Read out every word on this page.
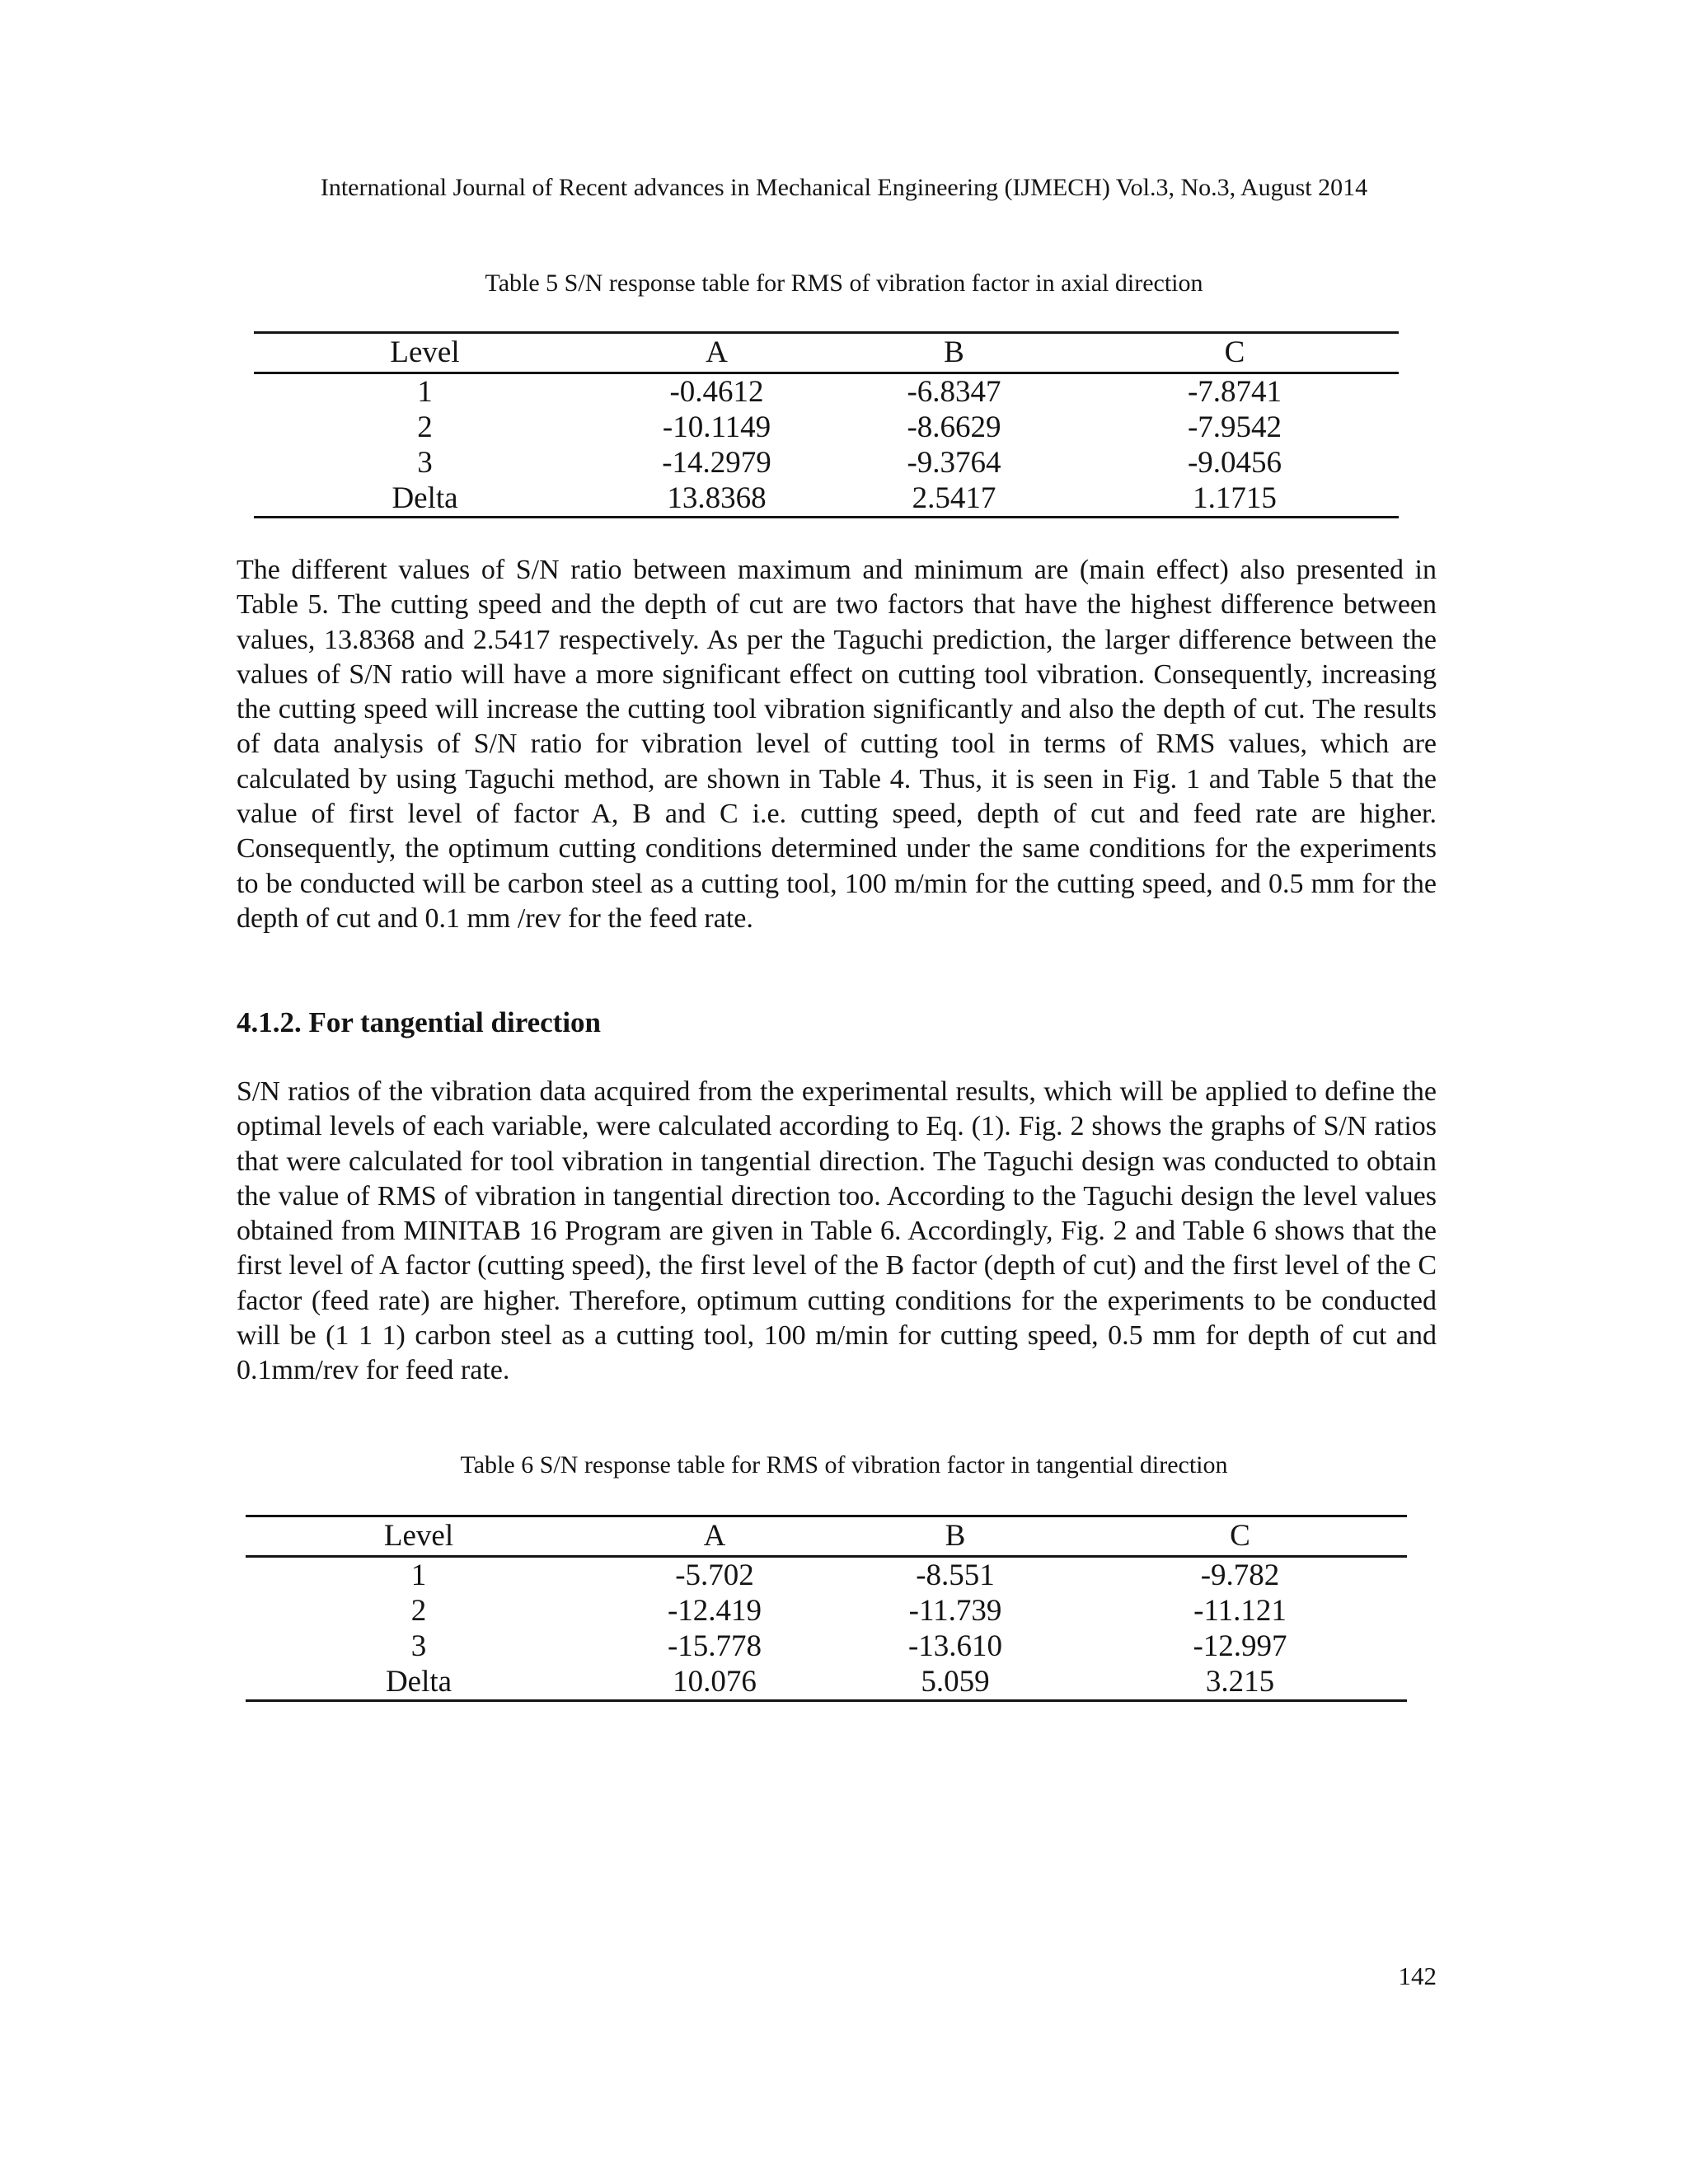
International Journal of Recent advances in Mechanical Engineering (IJMECH) Vol.3, No.3, August 2014
Table 5 S/N response table for RMS of vibration factor in axial direction
Level	A	B	C
1	-0.4612	-6.8347	-7.8741
2	-10.1149	-8.6629	-7.9542
3	-14.2979	-9.3764	-9.0456
Delta	13.8368	2.5417	1.1715

The different values of S/N ratio between maximum and minimum are (main effect) also presented in Table 5. The cutting speed and the depth of cut are two factors that have the highest difference between values, 13.8368 and 2.5417 respectively. As per the Taguchi prediction, the larger difference between the values of S/N ratio will have a more significant effect on cutting tool vibration. Consequently, increasing the cutting speed will increase the cutting tool vibration significantly and also the depth of cut. The results of data analysis of S/N ratio for vibration level of cutting tool in terms of RMS values, which are calculated by using Taguchi method, are shown in Table 4. Thus, it is seen in Fig. 1 and Table 5 that the value of first level of factor A, B and C i.e. cutting speed, depth of cut and feed rate are higher. Consequently, the optimum cutting conditions determined under the same conditions for the experiments to be conducted will be carbon steel as a cutting tool, 100 m/min for the cutting speed, and 0.5 mm for the depth of cut and 0.1 mm /rev for the feed rate.

4.1.2. For tangential direction

S/N ratios of the vibration data acquired from the experimental results, which will be applied to define the optimal levels of each variable, were calculated according to Eq. (1). Fig. 2 shows the graphs of S/N ratios that were calculated for tool vibration in tangential direction. The Taguchi design was conducted to obtain the value of RMS of vibration in tangential direction too. According to the Taguchi design the level values obtained from MINITAB 16 Program are given in Table 6. Accordingly, Fig. 2 and Table 6 shows that the first level of A factor (cutting speed), the first level of the B factor (depth of cut) and the first level of the C factor (feed rate) are higher. Therefore, optimum cutting conditions for the experiments to be conducted will be (1 1 1) carbon steel as a cutting tool, 100 m/min for cutting speed, 0.5 mm for depth of cut and 0.1mm/rev for feed rate.

Table 6 S/N response table for RMS of vibration factor in tangential direction
Level	A	B	C
1	-5.702	-8.551	-9.782
2	-12.419	-11.739	-11.121
3	-15.778	-13.610	-12.997
Delta	10.076	5.059	3.215
142
